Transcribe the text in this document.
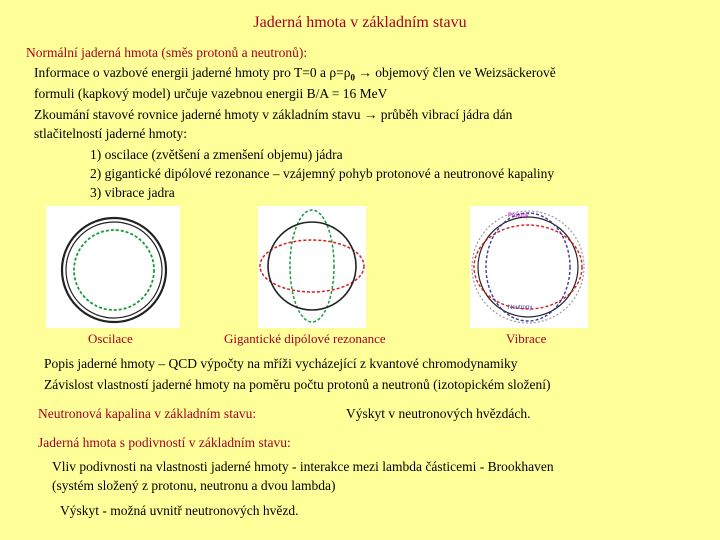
Jaderná hmota v základním stavu
Normální jaderná hmota (směs protonů a neutronů):
Informace o vazbové energii jaderné hmoty pro T=0 a $\rho=\rho_0$ → objemový člen ve Weizsäckerově
formuli (kapkový model) určuje vazebnou energii B/A = 16 MeV
Zkoumání stavové rovnice jaderné hmoty v základním stavu → průběh vibrací jádra dán
stlačitelností jaderné hmoty:
1) oscilace (zvětšení a zmenšení objemu) jádra
2) gigantické dipólové rezonance – vzájemný pohyb protonové a neutronové kapaliny
3) vibrace jadra
Protony
Neutrony
Oscilace	Gigantické dipólové rezonance	Vibrace
Popis jaderné hmoty – QCD výpočty na mříži vycházející z kvantové chromodynamiky
Závislost vlastností jaderné hmoty na poměru počtu protonů a neutronů (izotopickém složení)
Neutronová kapalina v základním stavu:	Výskyt v neutronových hvězdách.
Jaderná hmota s podivností v základním stavu:
Vliv podivnosti na vlastnosti jaderné hmoty - interakce mezi lambda částicemi - Brookhaven
(systém složený z protonu, neutronu a dvou lambda)
Výskyt - možná uvnitř neutronových hvězd.
